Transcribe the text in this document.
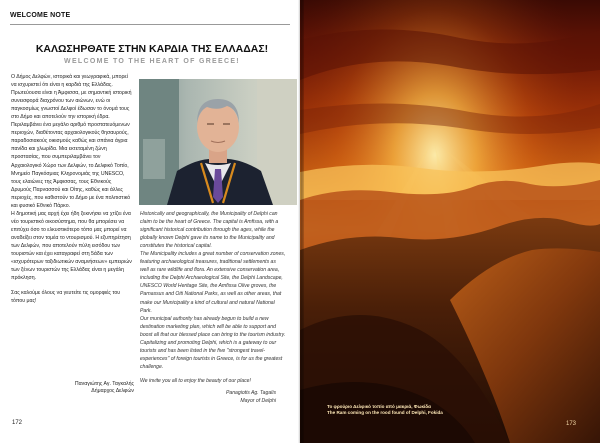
WELCOME NOTE
ΚΑΛΩΣΗΡΘΑΤΕ ΣΤΗΝ ΚΑΡΔΙΑ ΤΗΣ ΕΛΛΑΔΑΣ!
WELCOME TO THE HEART OF GREECE!

Ο Δήμος Δελφών, ιστορικά και γεωγραφικά, μπορεί να ισχυριστεί ότι είναι η καρδιά της Ελλάδας. Πρωτεύουσα είναι η Άμφισσα, με σημαντική ιστορική συνεισφορά διαχρόνου των αιώνων, ενώ οι παγκοσμίως γνωστοί Δελφοί έδωσαν το όνομά τους στο Δήμο και αποτελούν την ιστορική έδρα.

Περιλαμβάνει ένα μεγάλο αριθμό προστατευόμενων περιοχών, διαθέτοντας αρχαιολογικούς θησαυρούς, παραδοσιακούς οικισμούς καθώς και σπάνια άγρια πανίδα και χλωρίδα. Μια εκτεταμένη ζώνη προστασίας, που συμπεριλαμβάνει τον Αρχαιολογικό Χώρο των Δελφών, το Δελφικό Τοπίο, Μνημείο Παγκόσμιας Κληρονομιάς της UNESCO, τους ελαιώνες της Άμφισσας, τους Εθνικούς Δρυμούς Παρνασσού και Οίτης, καθώς και άλλες περιοχές, που καθιστούν το Δήμο με ένα πολιτιστικό και φυσικό Εθνικό Πάρκο.

Η δημοτική μας αρχή έχει ήδη ξεκινήσει να χτίζει ένα νέο τουριστικό οικοσύστημα, που θα μπορέσει να επιτύχει όσο το ελκυστικότερο τόπο μας μπορεί να αναδείξει στον τομέα το ντουρισμού. Η εξυπηρέτηση των Δελφών, που αποτελούν πύλη εισόδου των τουριστών και έχει καταγραφεί στη 5άδα των «ισχυρότερων ταξιδιωτικών αναμνήσεων» εμπειριών των ξένων τουριστών της Ελλάδας είναι η μεγάλη πρόκληση.

Σας καλούμε όλους να γευτείτε τις ομορφιές του τόπου μας!

Παναγιώτης Αγ. Ταγκαλής
Δήμαρχος Δελφών

Historically and geographically, the Municipality of Delphi can claim to be the heart of Greece. The capital is Amfissa, with a significant historical contribution through the ages, while the globally known Delphi gave its name to the Municipality and constitutes the historical capital.

The Municipality includes a great number of conservation zones, featuring archaeological treasures, traditional settlements as well as rare wildlife and flora. An extensive conservation area, including the Delphi Archaeological Site, the Delphi Landscape, UNESCO World Heritage Site, the Amfissa Olive groves, the Parnassus and Oiti National Parks, as well as other areas, that make our Municipality a kind of cultural and natural National Park.

Our municipal authority has already begun to build a new destination marketing plan, which will be able to support and boost all that our blessed place can bring to the tourism industry. Capitalizing and promoting Delphi, which is a gateway to our tourists and has been listed in the five "strongest travel-experiences" of foreign tourists in Greece, is for us the greatest challenge.

We invite you all to enjoy the beauty of our place!

Panagiotis Ag. Tagalis
Mayor of Delphi
172
Το φρούριο Δελφικό τοπίο από μακριά, Φωκίδα
The Ram coming on the rood found of Delphi, Fokida
173
